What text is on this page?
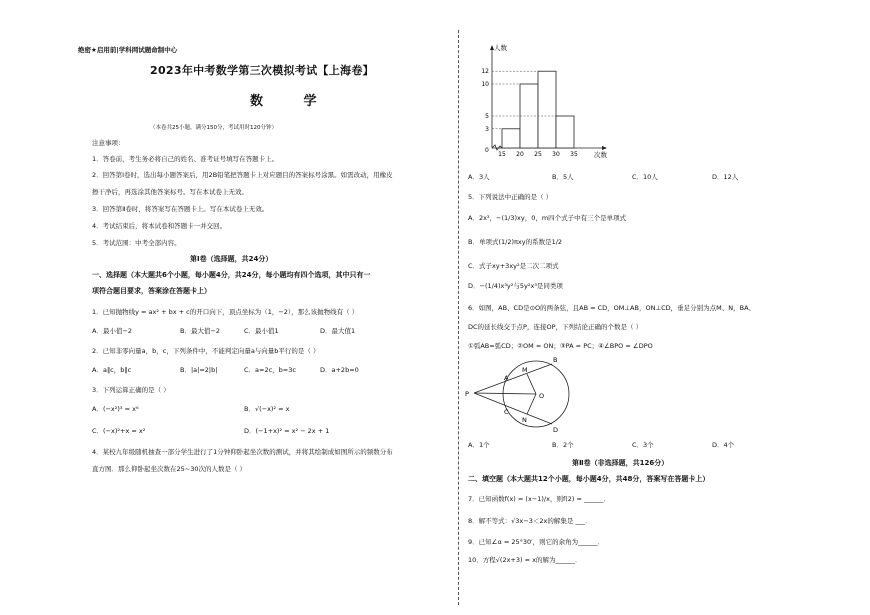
绝密★启用前|学科网试题命制中心
2023年中考数学第三次模拟考试【上海卷】
数 学
（本卷共25小题，满分150分，考试用时120分钟）
注意事项：
1．答卷前，考生务必将自己的姓名、准考证号填写在答题卡上。
2．回答第Ⅰ卷时，选出每小题答案后，用2B铅笔把答题卡上对应题目的答案标号涂黑。如需改动，用橡皮
擦干净后，再选涂其他答案标号。写在本试卷上无效。
3．回答第Ⅱ卷时，将答案写在答题卡上。写在本试卷上无效。
4．考试结束后，将本试卷和答题卡一并交回。
5．考试范围：中考全部内容。
第Ⅰ卷（选择题，共24分）
一、选择题（本大题共6个小题，每小题4分，共24分，每小题均有四个选项，其中只有一
项符合题目要求，答案涂在答题卡上）
1．已知抛物线y = ax² + bx + c的开口向下，顶点坐标为（1，−2），那么该抛物线有（ ）
A．最小值−2	B．最大值−2	C．最小值1	D．最大值1
2．已知非零向量a，b，c，下列条件中，不能判定向量a与向量b平行的是（ ）
A．a∥c，b∥c	B．|a|=2|b|	C．a=2c，b=3c	D．a+2b=0
3．下列运算正确的是（ ）
A．(−x²)³ = x⁶	B．√(−x)² = x
C．(−x)²+x = x²	D．(−1+x)² = x² − 2x + 1
4．某校九年级随机抽查一部分学生进行了1分钟仰卧起坐次数的测试，并将其绘制成如图所示的频数分布
直方图．那么仰卧起坐次数在25~30次的人数是（ ）
人数
次数
0
3
5
10
12
15 20 25 30 35
A．3人	B．5人	C．10人	D．12人
5．下列说法中正确的是（ ）
A．2x³，−(1/3)xy，0，m四个式子中有三个是单项式
B．单项式(1/2)πxy的系数是1/2
C．式子xy+3xy²是二次二项式
D．−(1/4)x³y²与5y²x³是同类项
6．如图，AB、CD是⊙O的两条弦，且AB = CD，OM⊥AB，ON⊥CD，垂足分别为点M、N，BA、
DC的延长线交于点P，连接OP，下列结论正确的个数是（ ）
①弧AB=弧CD；②OM = ON；③PA = PC；④∠BPO = ∠DPO
P
A
B
C
D
M
N
O
A．1个	B．2个	C．3个	D．4个
第Ⅱ卷（非选择题，共126分）
二、填空题（本大题共12个小题，每小题4分，共48分，答案写在答题卡上）
7．已知函数f(x) = (x−1)/x，则f(2) = ______．
8．解不等式：√3x−3＜2x的解集是 ___．
9．已知∠α = 25°30′，则它的余角为______．
10．方程√(2x+3) = x的解为______．
